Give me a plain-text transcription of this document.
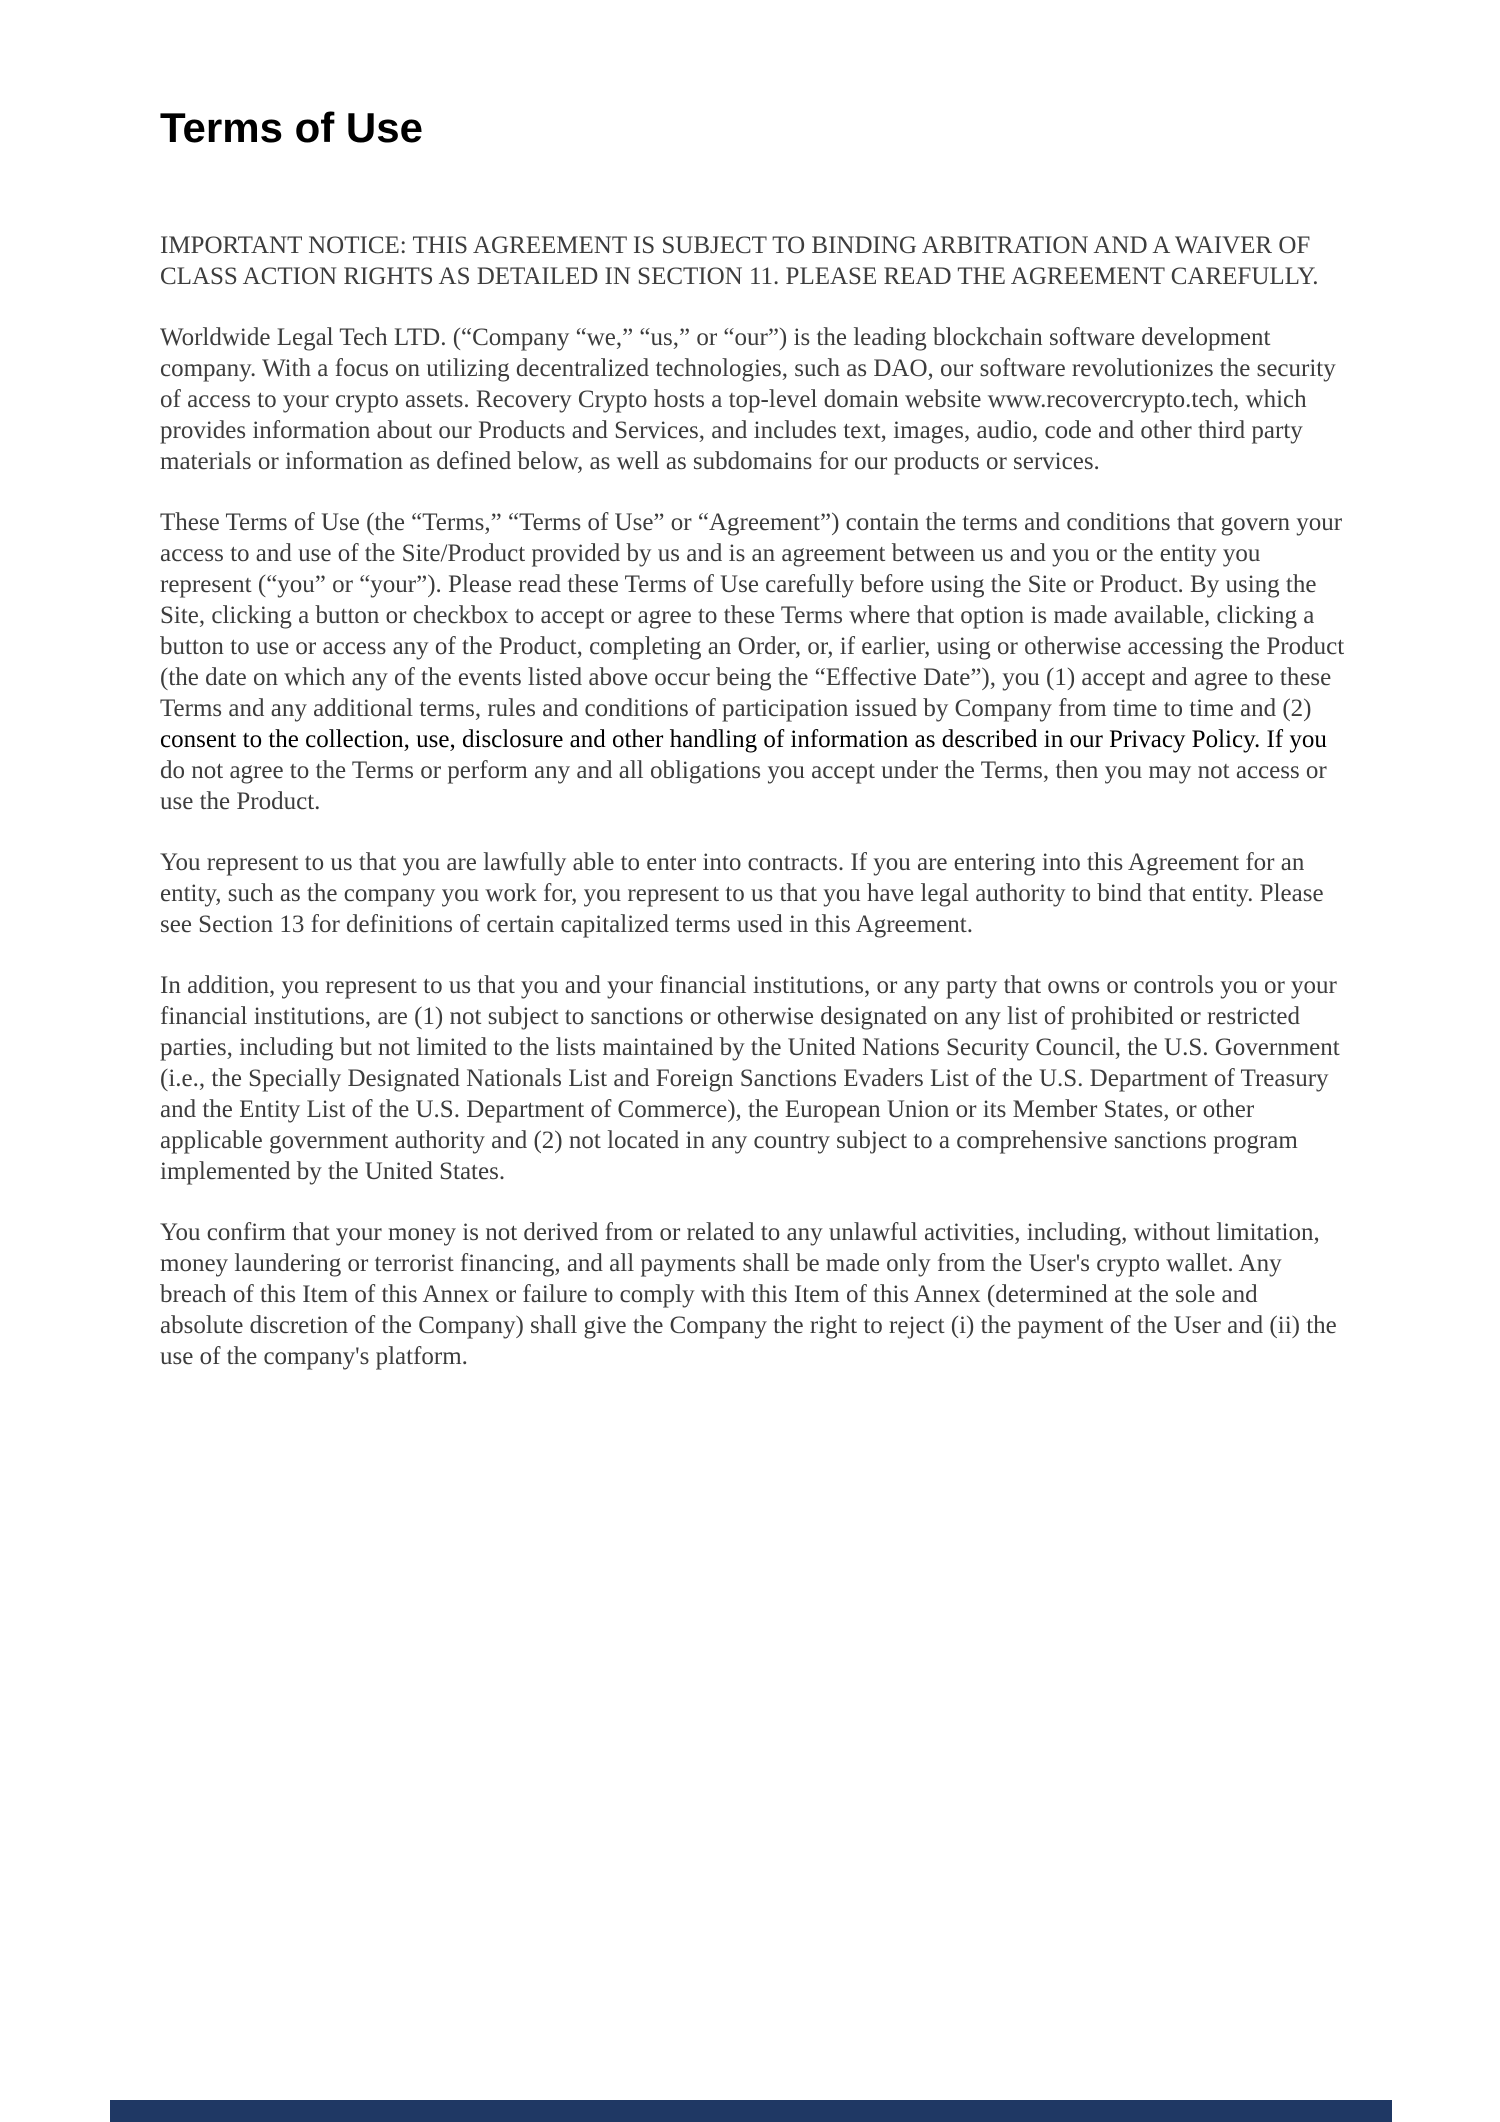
Terms of Use

IMPORTANT NOTICE: THIS AGREEMENT IS SUBJECT TO BINDING ARBITRATION AND A WAIVER OF CLASS ACTION RIGHTS AS DETAILED IN SECTION 11. PLEASE READ THE AGREEMENT CAREFULLY.

Worldwide Legal Tech LTD. (“Company “we,” “us,” or “our”) is the leading blockchain software development company. With a focus on utilizing decentralized technologies, such as DAO, our software revolutionizes the security of access to your crypto assets. Recovery Crypto hosts a top-level domain website www.recovercrypto.tech, which provides information about our Products and Services, and includes text, images, audio, code and other third party materials or information as defined below, as well as subdomains for our products or services.

These Terms of Use (the “Terms,” “Terms of Use” or “Agreement”) contain the terms and conditions that govern your access to and use of the Site/Product provided by us and is an agreement between us and you or the entity you represent (“you” or “your”). Please read these Terms of Use carefully before using the Site or Product. By using the Site, clicking a button or checkbox to accept or agree to these Terms where that option is made available, clicking a button to use or access any of the Product, completing an Order, or, if earlier, using or otherwise accessing the Product (the date on which any of the events listed above occur being the “Effective Date”), you (1) accept and agree to these Terms and any additional terms, rules and conditions of participation issued by Company from time to time and (2) consent to the collection, use, disclosure and other handling of information as described in our Privacy Policy. If you do not agree to the Terms or perform any and all obligations you accept under the Terms, then you may not access or use the Product.

You represent to us that you are lawfully able to enter into contracts. If you are entering into this Agreement for an entity, such as the company you work for, you represent to us that you have legal authority to bind that entity. Please see Section 13 for definitions of certain capitalized terms used in this Agreement.

In addition, you represent to us that you and your financial institutions, or any party that owns or controls you or your financial institutions, are (1) not subject to sanctions or otherwise designated on any list of prohibited or restricted parties, including but not limited to the lists maintained by the United Nations Security Council, the U.S. Government (i.e., the Specially Designated Nationals List and Foreign Sanctions Evaders List of the U.S. Department of Treasury and the Entity List of the U.S. Department of Commerce), the European Union or its Member States, or other applicable government authority and (2) not located in any country subject to a comprehensive sanctions program implemented by the United States.

You confirm that your money is not derived from or related to any unlawful activities, including, without limitation, money laundering or terrorist financing, and all payments shall be made only from the User's crypto wallet. Any breach of this Item of this Annex or failure to comply with this Item of this Annex (determined at the sole and absolute discretion of the Company) shall give the Company the right to reject (i) the payment of the User and (ii) the use of the company's platform.
